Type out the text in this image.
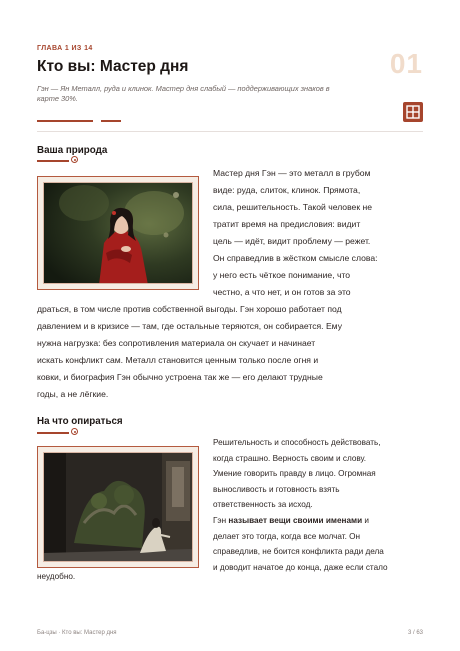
ГЛАВА 1 ИЗ 14
Кто вы: Мастер дня	01
Гэн — Ян Металл, руда и клинок. Мастер дня слабый — поддерживающих знаков в
карте 30%.
Ваша природа
Мастер дня Гэн — это металл в грубом
виде: руда, слиток, клинок. Прямота,
сила, решительность. Такой человек не
тратит время на предисловия: видит
цель — идёт, видит проблему — режет.
Он справедлив в жёстком смысле слова:
у него есть чёткое понимание, что
честно, а что нет, и он готов за это
драться, в том числе против собственной выгоды. Гэн хорошо работает под
давлением и в кризисе — там, где остальные теряются, он собирается. Ему
нужна нагрузка: без сопротивления материала он скучает и начинает
искать конфликт сам. Металл становится ценным только после огня и
ковки, и биография Гэн обычно устроена так же — его делают трудные
годы, а не лёгкие.
На что опираться
Решительность и способность действовать,
когда страшно. Верность своим и слову.
Умение говорить правду в лицо. Огромная
выносливость и готовность взять
ответственность за исход.
Гэн называет вещи своими именами и
делает это тогда, когда все молчат. Он
справедлив, не боится конфликта ради дела
и доводит начатое до конца, даже если стало
неудобно.
Ба-цзы · Кто вы: Мастер дня	3 / 63
